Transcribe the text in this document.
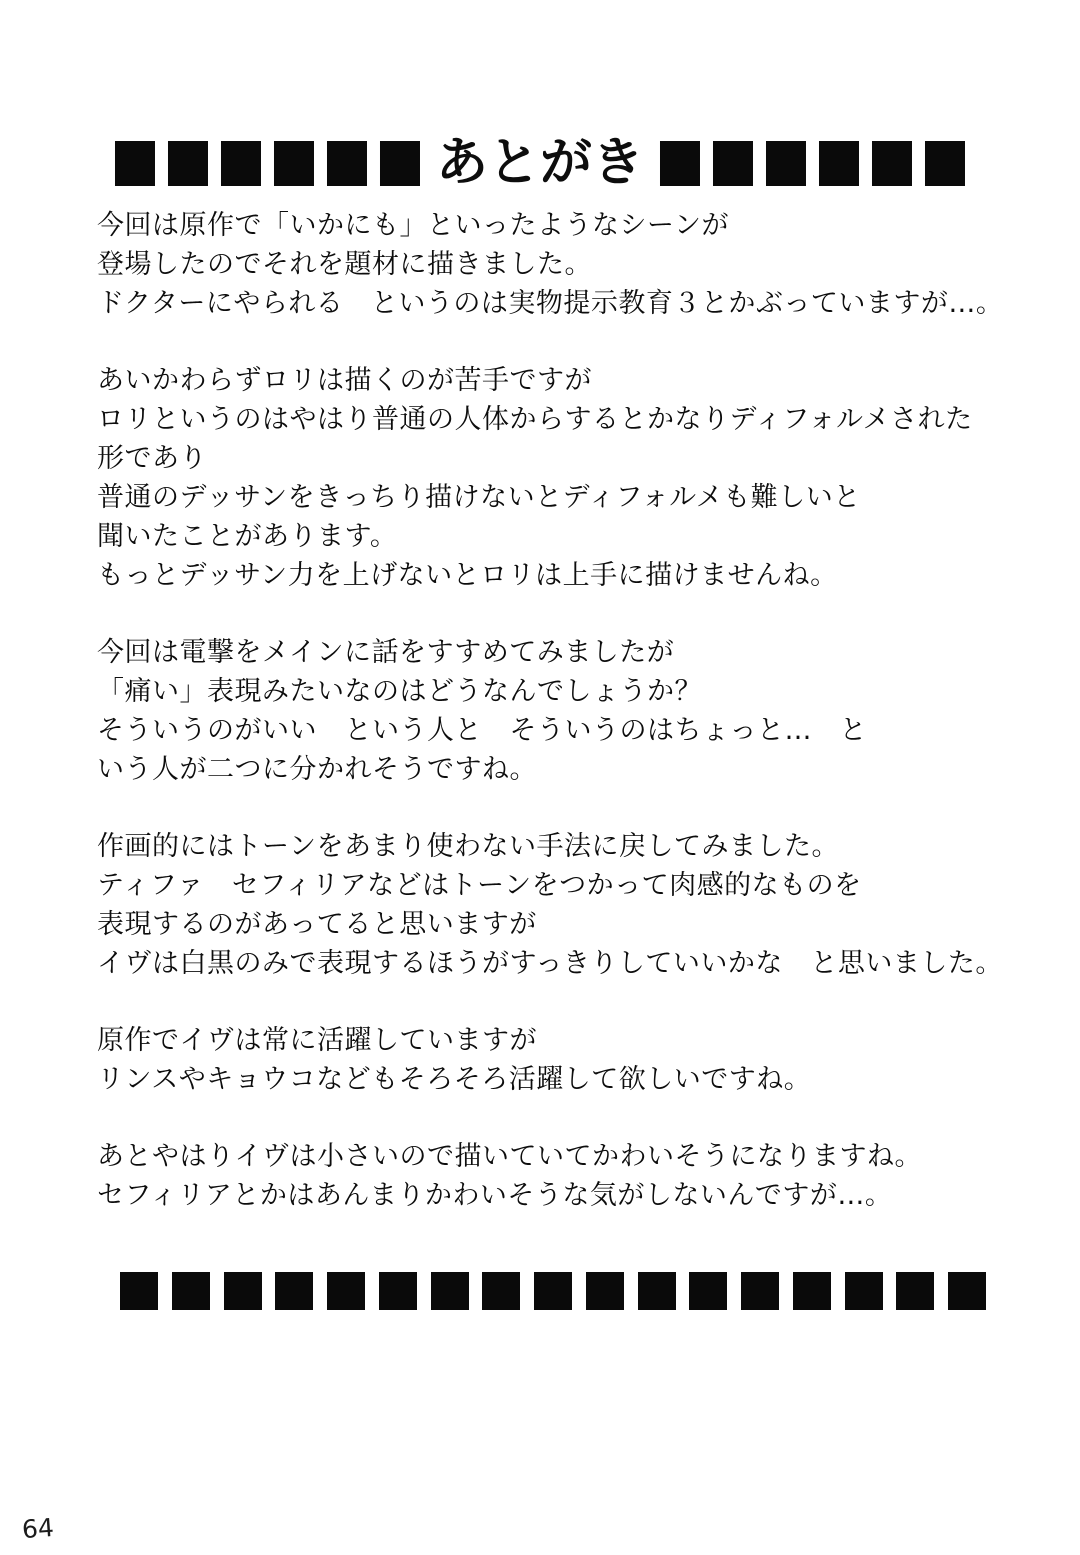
あとがき

今回は原作で「いかにも」といったようなシーンが
登場したのでそれを題材に描きました。
ドクターにやられる　というのは実物提示教育３とかぶっていますが…。

あいかわらずロリは描くのが苦手ですが
ロリというのはやはり普通の人体からするとかなりディフォルメされた
形であり
普通のデッサンをきっちり描けないとディフォルメも難しいと
聞いたことがあります。
もっとデッサン力を上げないとロリは上手に描けませんね。

今回は電撃をメインに話をすすめてみましたが
「痛い」表現みたいなのはどうなんでしょうか？
そういうのがいい　という人と　そういうのはちょっと…　と
いう人が二つに分かれそうですね。

作画的にはトーンをあまり使わない手法に戻してみました。
ティファ　セフィリアなどはトーンをつかって肉感的なものを
表現するのがあってると思いますが
イヴは白黒のみで表現するほうがすっきりしていいかな　と思いました。

原作でイヴは常に活躍していますが
リンスやキョウコなどもそろそろ活躍して欲しいですね。

あとやはりイヴは小さいので描いていてかわいそうになりますね。
セフィリアとかはあんまりかわいそうな気がしないんですが…。

64
